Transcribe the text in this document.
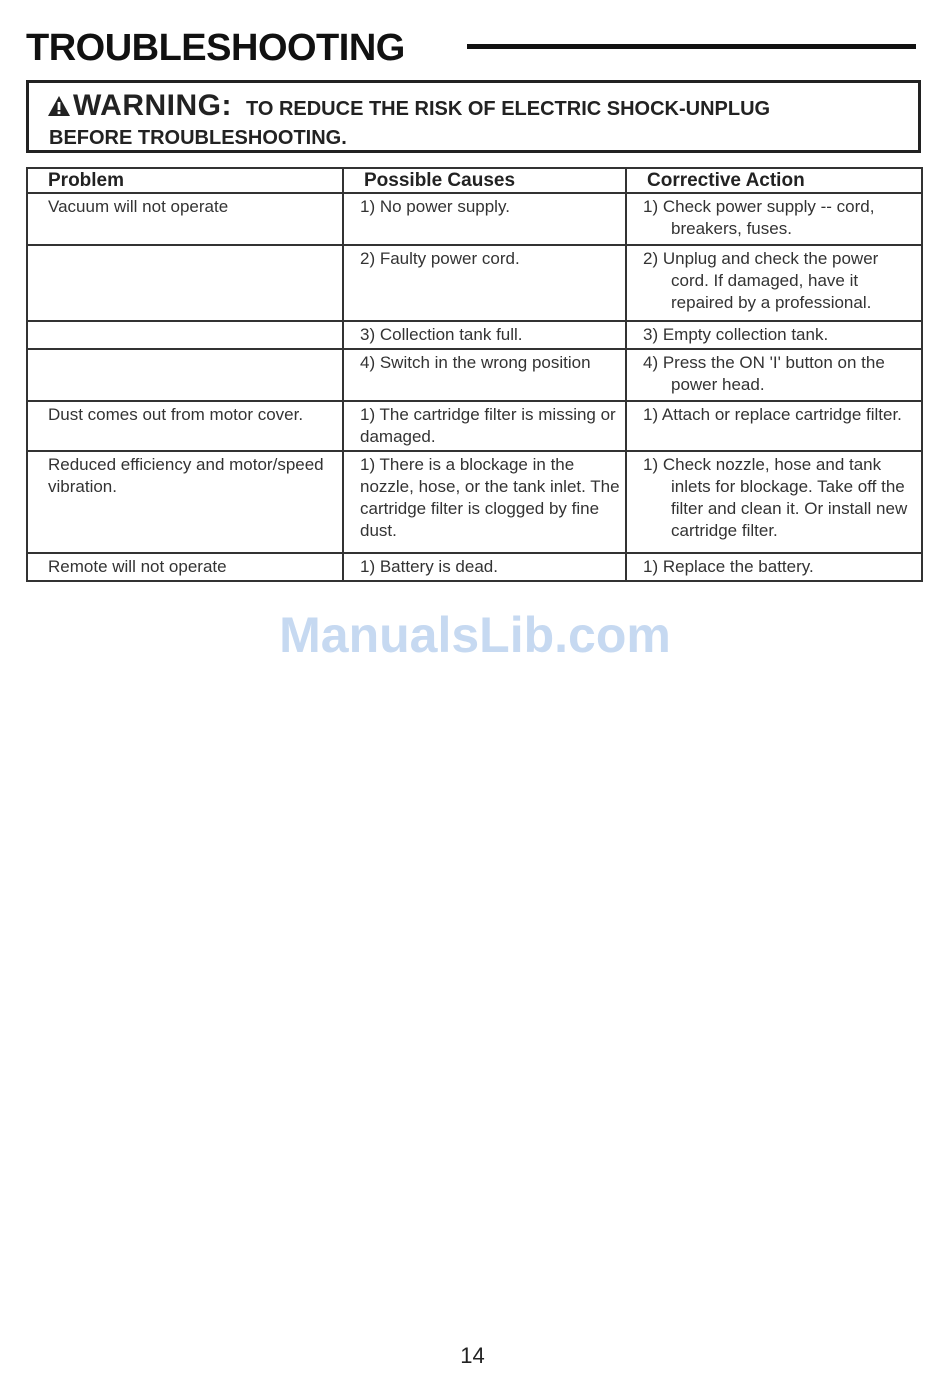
TROUBLESHOOTING
WARNING: TO REDUCE THE RISK OF ELECTRIC SHOCK-UNPLUG
BEFORE TROUBLESHOOTING.
Problem	Possible Causes	Corrective Action
Vacuum will not operate	1) No power supply.	1) Check power supply -- cord, breakers, fuses.

	2) Faulty power cord.	2) Unplug and check the power cord. If damaged, have it repaired by a professional.

	3) Collection tank full.	3) Empty collection tank.

	4) Switch in the wrong position	4) Press the ON 'I' button on the power head.

Dust comes out from motor cover.	1) The cartridge filter is missing or damaged.	1) Attach or replace cartridge filter.

Reduced efficiency and motor/speed vibration.	1) There is a blockage in the nozzle, hose, or the tank inlet. The cartridge filter is clogged by fine dust.	1) Check nozzle, hose and tank inlets for blockage. Take off the filter and clean it. Or install new cartridge filter.

Remote will not operate	1) Battery is dead.	1) Replace the battery.
ManualsLib.com
14
